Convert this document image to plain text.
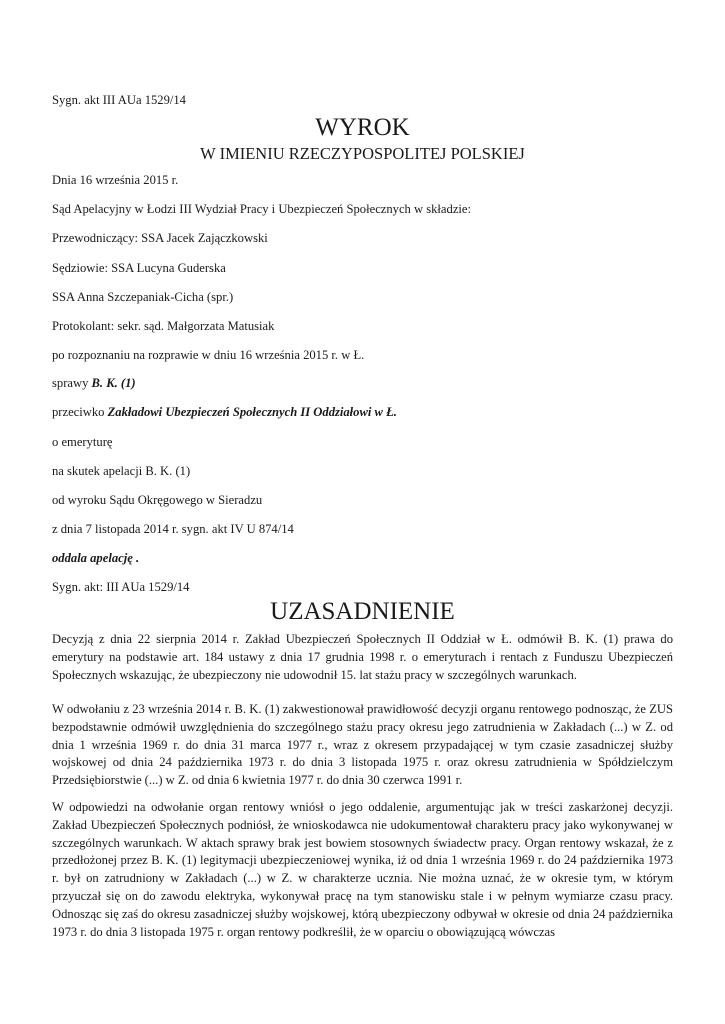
Sygn. akt III AUa 1529/14
WYROK
W IMIENIU RZECZYPOSPOLITEJ POLSKIEJ
Dnia 16 września 2015 r.
Sąd Apelacyjny w Łodzi III Wydział Pracy i Ubezpieczeń Społecznych w składzie:
Przewodniczący: SSA Jacek Zajączkowski
Sędziowie: SSA Lucyna Guderska
SSA Anna Szczepaniak-Cicha (spr.)
Protokolant: sekr. sąd. Małgorzata Matusiak
po rozpoznaniu na rozprawie w dniu 16 września 2015 r. w Ł.
sprawy B. K. (1)
przeciwko Zakładowi Ubezpieczeń Społecznych II Oddziałowi w Ł.
o emeryturę
na skutek apelacji B. K. (1)
od wyroku Sądu Okręgowego w Sieradzu
z dnia 7 listopada 2014 r. sygn. akt IV U 874/14
oddala apelację .
Sygn. akt: III AUa 1529/14
UZASADNIENIE
Decyzją z dnia 22 sierpnia 2014 r. Zakład Ubezpieczeń Społecznych II Oddział w Ł. odmówił B. K. (1) prawa do emerytury na podstawie art. 184 ustawy z dnia 17 grudnia 1998 r. o emeryturach i rentach z Funduszu Ubezpieczeń Społecznych wskazując, że ubezpieczony nie udowodnił 15. lat stażu pracy w szczególnych warunkach.
W odwołaniu z 23 września 2014 r. B. K. (1) zakwestionował prawidłowość decyzji organu rentowego podnosząc, że ZUS bezpodstawnie odmówił uwzględnienia do szczególnego stażu pracy okresu jego zatrudnienia w Zakładach (...) w Z. od dnia 1 września 1969 r. do dnia 31 marca 1977 r., wraz z okresem przypadającej w tym czasie zasadniczej służby wojskowej od dnia 24 października 1973 r. do dnia 3 listopada 1975 r. oraz okresu zatrudnienia w Spółdzielczym Przedsiębiorstwie (...) w Z. od dnia 6 kwietnia 1977 r. do dnia 30 czerwca 1991 r.
W odpowiedzi na odwołanie organ rentowy wniósł o jego oddalenie, argumentując jak w treści zaskarżonej decyzji. Zakład Ubezpieczeń Społecznych podniósł, że wnioskodawca nie udokumentował charakteru pracy jako wykonywanej w szczególnych warunkach. W aktach sprawy brak jest bowiem stosownych świadectw pracy. Organ rentowy wskazał, że z przedłożonej przez B. K. (1) legitymacji ubezpieczeniowej wynika, iż od dnia 1 września 1969 r. do 24 października 1973 r. był on zatrudniony w Zakładach (...) w Z. w charakterze ucznia. Nie można uznać, że w okresie tym, w którym przyuczał się on do zawodu elektryka, wykonywał pracę na tym stanowisku stale i w pełnym wymiarze czasu pracy. Odnosząc się zaś do okresu zasadniczej służby wojskowej, którą ubezpieczony odbywał w okresie od dnia 24 października 1973 r. do dnia 3 listopada 1975 r. organ rentowy podkreślił, że w oparciu o obowiązującą wówczas
